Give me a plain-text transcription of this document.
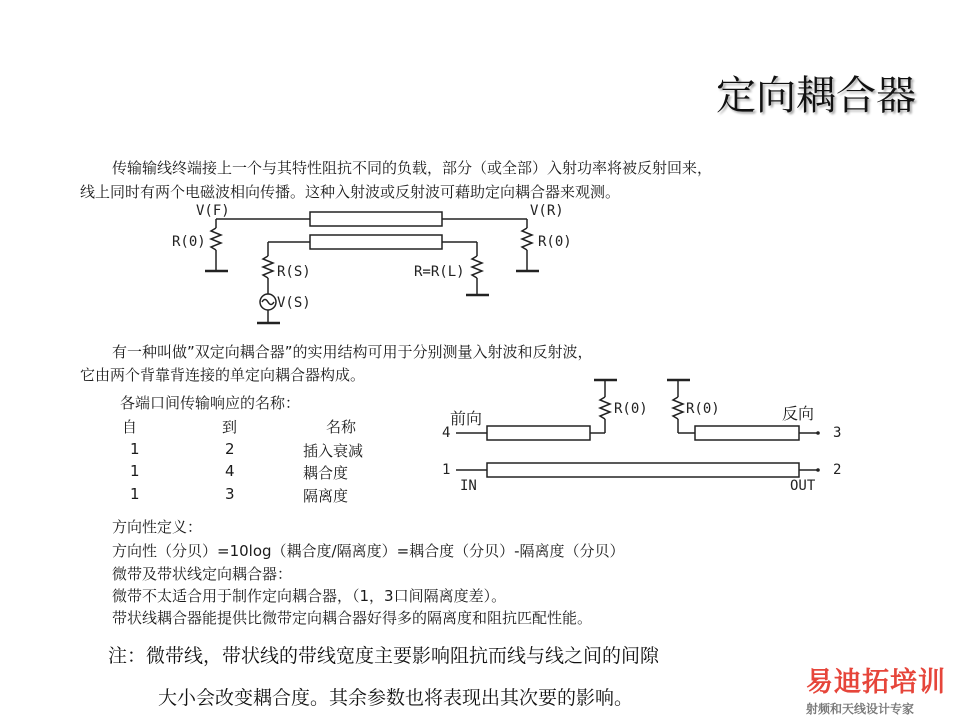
定向耦合器
传输输线终端接上一个与其特性阻抗不同的负载，部分（或全部）入射功率将被反射回来，
线上同时有两个电磁波相向传播。这种入射波或反射波可藉助定向耦合器来观测。
V(F)	V(R)
R(0)	R(0)
R(S)
V(S)
R=R(L)
有一种叫做”双定向耦合器”的实用结构可用于分别测量入射波和反射波，
它由两个背靠背连接的单定向耦合器构成。
各端口间传输响应的名称：
自	到	名称
1	2	插入衰减
1	4	耦合度
1	3	隔离度
R(0)	R(0)
前向	反向
4	3
1	2
IN	OUT
方向性定义：
方向性（分贝）=10log（耦合度/隔离度）=耦合度（分贝）-隔离度（分贝）
微带及带状线定向耦合器：
微带不太适合用于制作定向耦合器，（1，3口间隔离度差）。
带状线耦合器能提供比微带定向耦合器好得多的隔离度和阻抗匹配性能。
注：微带线，带状线的带线宽度主要影响阻抗而线与线之间的间隙
大小会改变耦合度。其余参数也将表现出其次要的影响。	易迪拓培训
射频和天线设计专家
